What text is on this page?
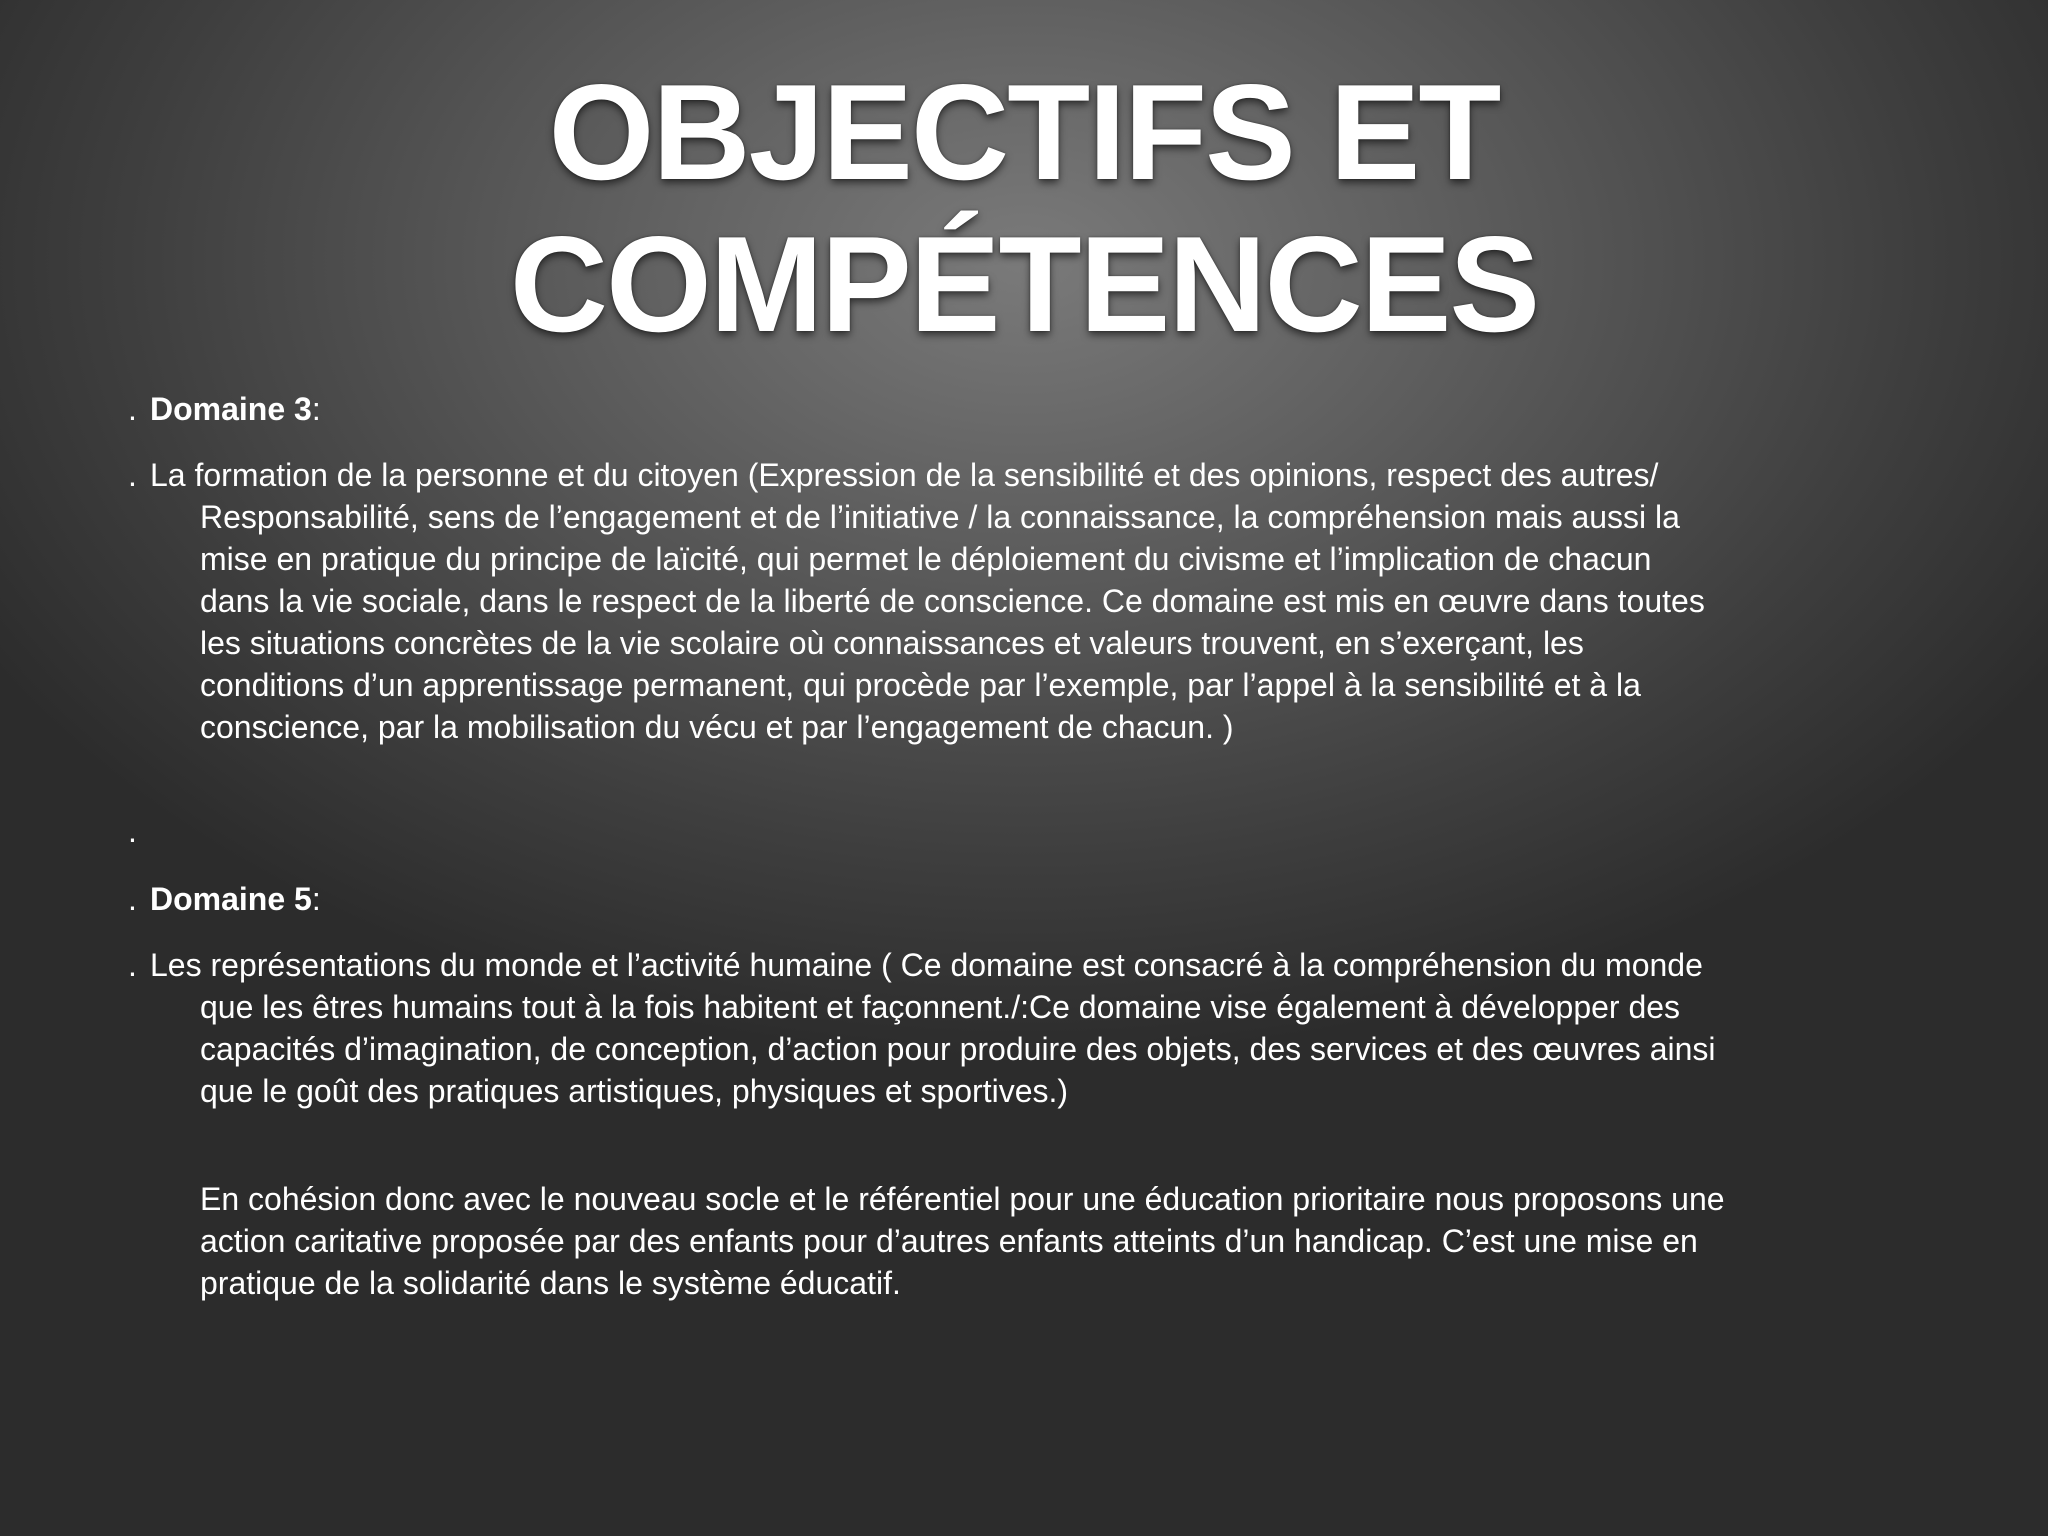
OBJECTIFS ET
COMPÉTENCES
. Domaine 3:
. La formation de la personne et du citoyen (Expression de la sensibilité et des opinions, respect des autres/
Responsabilité, sens de l’engagement et de l’initiative / la connaissance, la compréhension mais aussi la
mise en pratique du principe de laïcité, qui permet le déploiement du civisme et l’implication de chacun
dans la vie sociale, dans le respect de la liberté de conscience. Ce domaine est mis en œuvre dans toutes
les situations concrètes de la vie scolaire où connaissances et valeurs trouvent, en s’exerçant, les
conditions d’un apprentissage permanent, qui procède par l’exemple, par l’appel à la sensibilité et à la
conscience, par la mobilisation du vécu et par l’engagement de chacun. )
.
. Domaine 5:
. Les représentations du monde et l’activité humaine ( Ce domaine est consacré à la compréhension du monde
que les êtres humains tout à la fois habitent et façonnent./:Ce domaine vise également à développer des
capacités d’imagination, de conception, d’action pour produire des objets, des services et des œuvres ainsi
que le goût des pratiques artistiques, physiques et sportives.)
En cohésion donc avec le nouveau socle et le référentiel pour une éducation prioritaire nous proposons une
action caritative proposée par des enfants pour d’autres enfants atteints d’un handicap. C’est une mise en
pratique de la solidarité dans le système éducatif.
